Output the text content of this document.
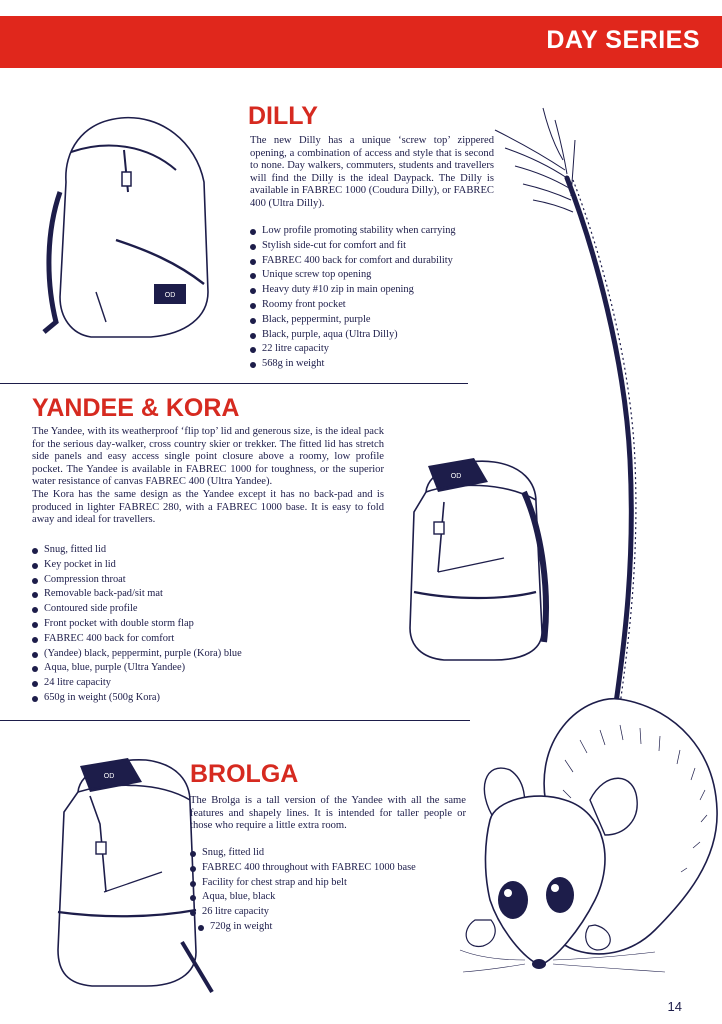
DAY SERIES
OD
DILLY

The new Dilly has a unique ‘screw top’ zippered opening, a combination of access and style that is second to none. Day walkers, commuters, students and travellers will find the Dilly is the ideal Daypack. The Dilly is available in FABREC 1000 (Coudura Dilly), or FABREC 400 (Ultra Dilly).

Low profile promoting stability when carrying
Stylish side-cut for comfort and fit
FABREC 400 back for comfort and durability
Unique screw top opening
Heavy duty #10 zip in main opening
Roomy front pocket
Black, peppermint, purple
Black, purple, aqua (Ultra Dilly)
22 litre capacity
568g in weight
YANDEE & KORA

The Yandee, with its weatherproof ‘flip top’ lid and generous size, is the ideal pack for the serious day-walker, cross country skier or trekker. The fitted lid has stretch side panels and easy access single point closure above a roomy, low profile pocket. The Yandee is available in FABREC 1000 for toughness, or the superior water resistance of canvas FABREC 400 (Ultra Yandee).

The Kora has the same design as the Yandee except it has no back-pad and is produced in lighter FABREC 280, with a FABREC 1000 base. It is easy to fold away and ideal for travellers.

Snug, fitted lid
Key pocket in lid
Compression throat
Removable back-pad/sit mat
Contoured side profile
Front pocket with double storm flap
FABREC 400 back for comfort
(Yandee) black, peppermint, purple (Kora) blue
Aqua, blue, purple (Ultra Yandee)
24 litre capacity
650g in weight (500g Kora)
OD
OD	BROLGA

The Brolga is a tall version of the Yandee with all the same features and shapely lines. It is intended for taller people or those who require a little extra room.

Snug, fitted lid
FABREC 400 throughout with FABREC 1000 base
Facility for chest strap and hip belt
Aqua, blue, black
26 litre capacity
720g in weight
14
